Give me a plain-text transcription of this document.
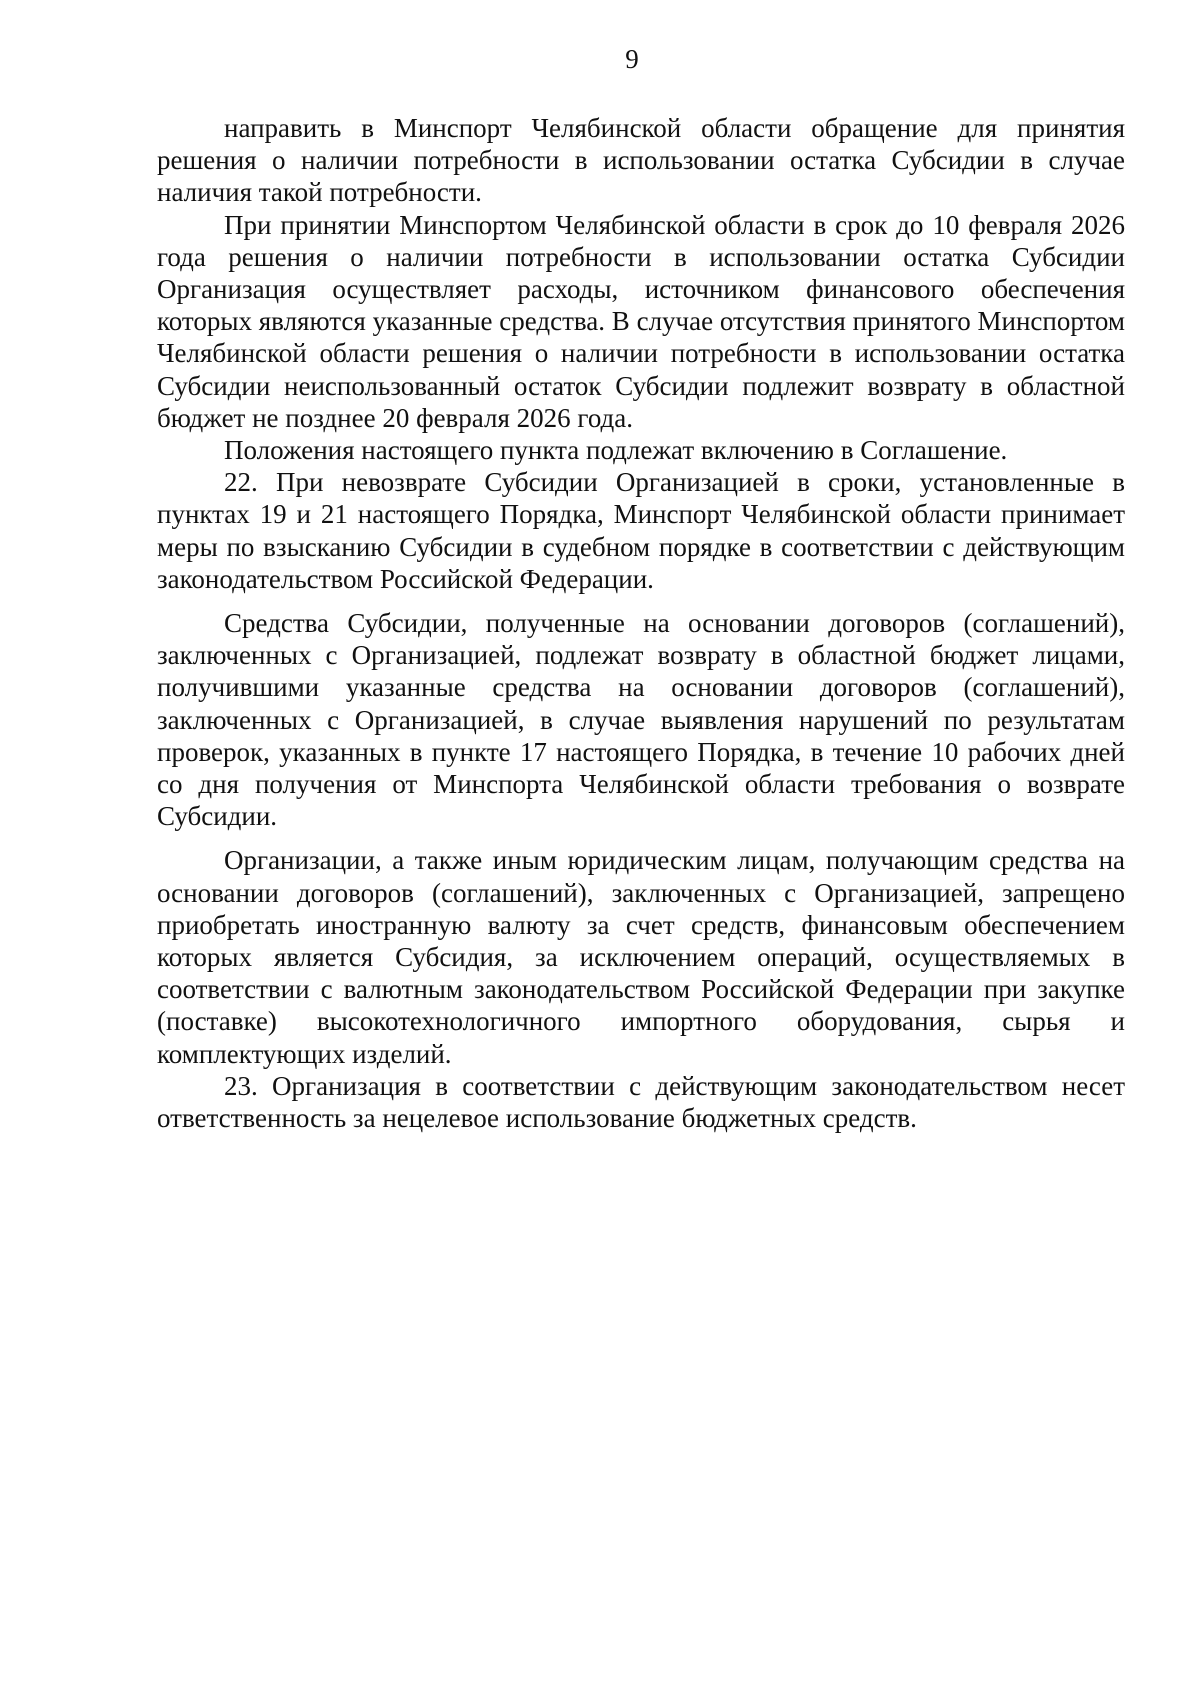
9

направить в Минспорт Челябинской области обращение для принятия решения о наличии потребности в использовании остатка Субсидии в случае наличия такой потребности.

При принятии Минспортом Челябинской области в срок до 10 февраля 2026 года решения о наличии потребности в использовании остатка Субсидии Организация осуществляет расходы, источником финансового обеспечения которых являются указанные средства. В случае отсутствия принятого Минспортом Челябинской области решения о наличии потребности в использовании остатка Субсидии неиспользованный остаток Субсидии подлежит возврату в областной бюджет не позднее 20 февраля 2026 года.

Положения настоящего пункта подлежат включению в Соглашение.

22. При невозврате Субсидии Организацией в сроки, установленные в пунктах 19 и 21 настоящего Порядка, Минспорт Челябинской области принимает меры по взысканию Субсидии в судебном порядке в соответствии с действующим законодательством Российской Федерации.

Средства Субсидии, полученные на основании договоров (соглашений), заключенных с Организацией, подлежат возврату в областной бюджет лицами, получившими указанные средства на основании договоров (соглашений), заключенных с Организацией, в случае выявления нарушений по результатам проверок, указанных в пункте 17 настоящего Порядка, в течение 10 рабочих дней со дня получения от Минспорта Челябинской области требования о возврате Субсидии.

Организации, а также иным юридическим лицам, получающим средства на основании договоров (соглашений), заключенных с Организацией, запрещено приобретать иностранную валюту за счет средств, финансовым обеспечением которых является Субсидия, за исключением операций, осуществляемых в соответствии с валютным законодательством Российской Федерации при закупке (поставке) высокотехнологичного импортного оборудования, сырья и комплектующих изделий.

23. Организация в соответствии с действующим законодательством несет ответственность за нецелевое использование бюджетных средств.
